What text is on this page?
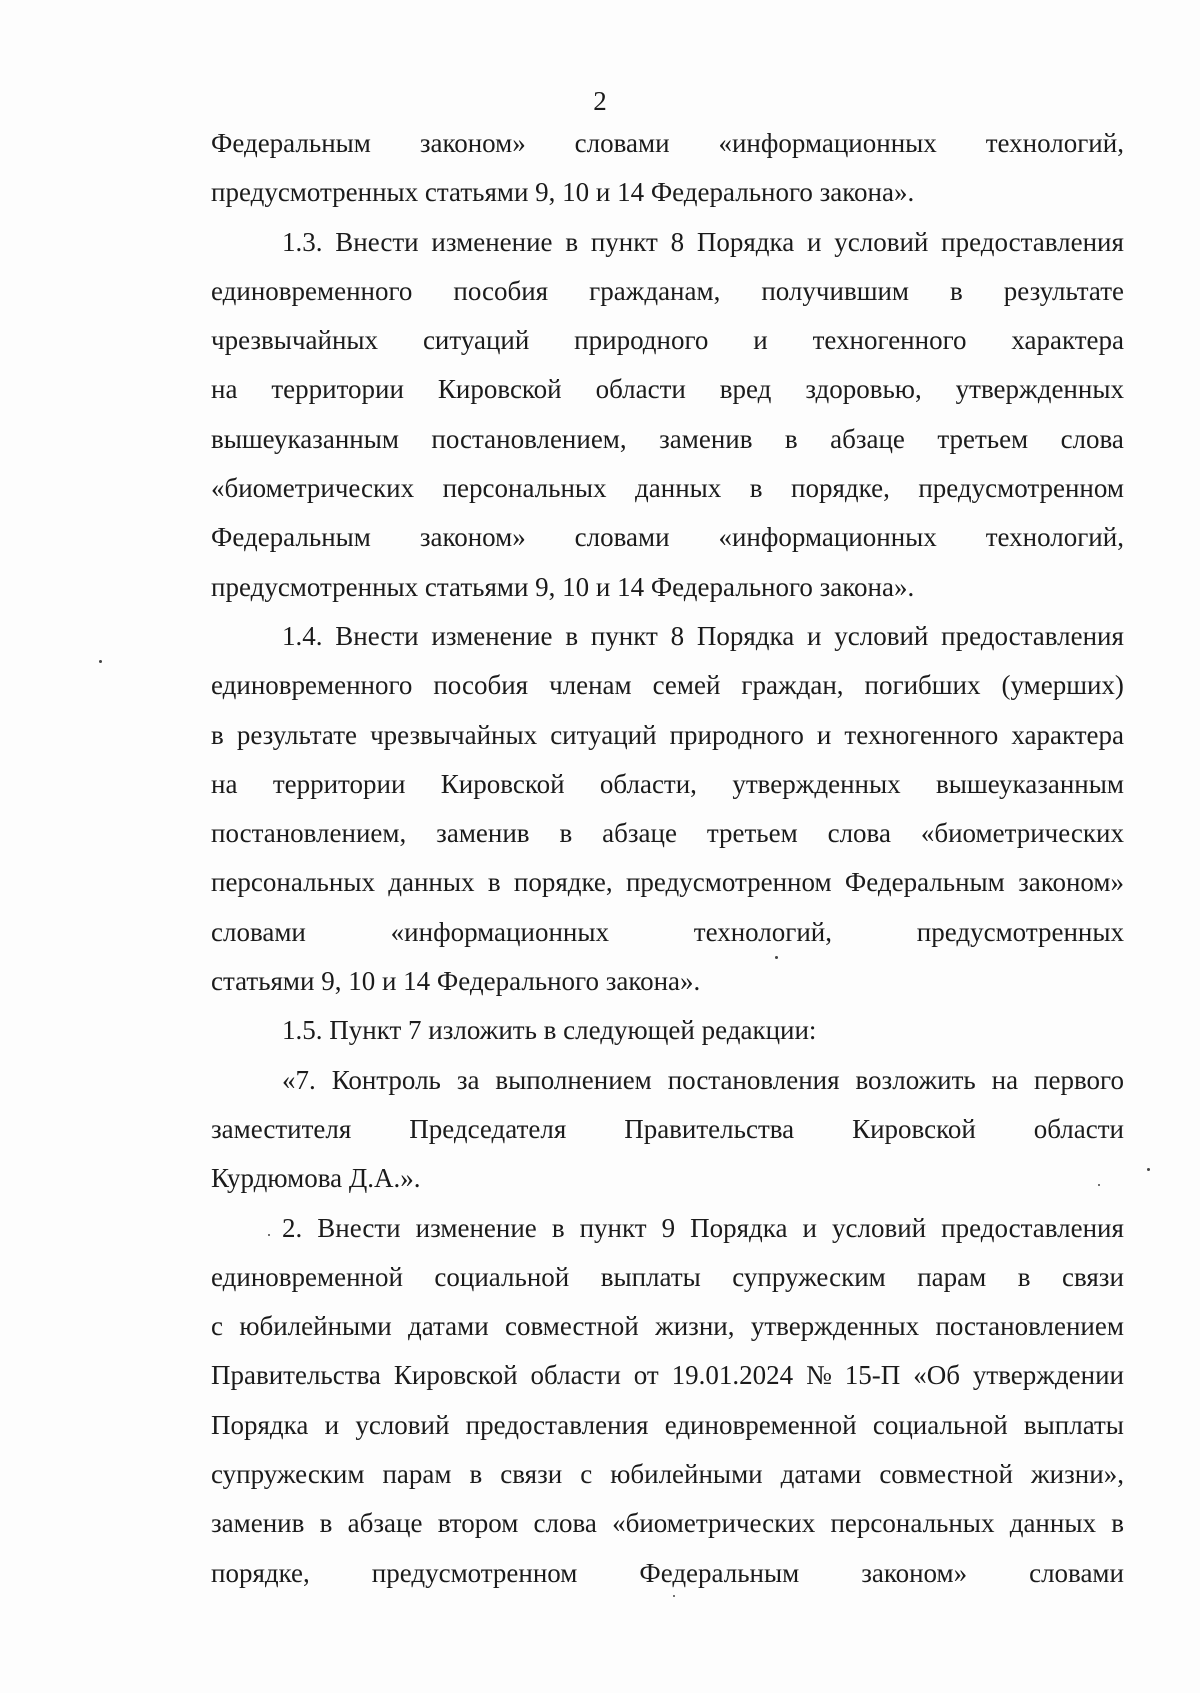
2
Федеральным законом» словами «информационных технологий,
предусмотренных статьями 9, 10 и 14 Федерального закона».
1.3. Внести изменение в пункт 8 Порядка и условий предоставления
единовременного пособия гражданам, получившим в результате
чрезвычайных ситуаций природного и техногенного характера
на территории Кировской области вред здоровью, утвержденных
вышеуказанным постановлением, заменив в абзаце третьем слова
«биометрических персональных данных в порядке, предусмотренном
Федеральным законом» словами «информационных технологий,
предусмотренных статьями 9, 10 и 14 Федерального закона».
1.4. Внести изменение в пункт 8 Порядка и условий предоставления
единовременного пособия членам семей граждан, погибших (умерших)
в результате чрезвычайных ситуаций природного и техногенного характера
на территории Кировской области, утвержденных вышеуказанным
постановлением, заменив в абзаце третьем слова «биометрических
персональных данных в порядке, предусмотренном Федеральным законом»
словами	«информационных	технологий,	предусмотренных
статьями 9, 10 и 14 Федерального закона».
1.5. Пункт 7 изложить в следующей редакции:
«7. Контроль за выполнением постановления возложить на первого
заместителя Председателя Правительства Кировской области
Курдюмова Д.А.».
2. Внести изменение в пункт 9 Порядка и условий предоставления
единовременной социальной выплаты супружеским парам в связи
с юбилейными датами совместной жизни, утвержденных постановлением
Правительства Кировской области от 19.01.2024 № 15-П «Об утверждении
Порядка и условий предоставления единовременной социальной выплаты
супружеским парам в связи с юбилейными датами совместной жизни»,
заменив в абзаце втором слова «биометрических персональных данных в
порядке, предусмотренном Федеральным законом» словами
